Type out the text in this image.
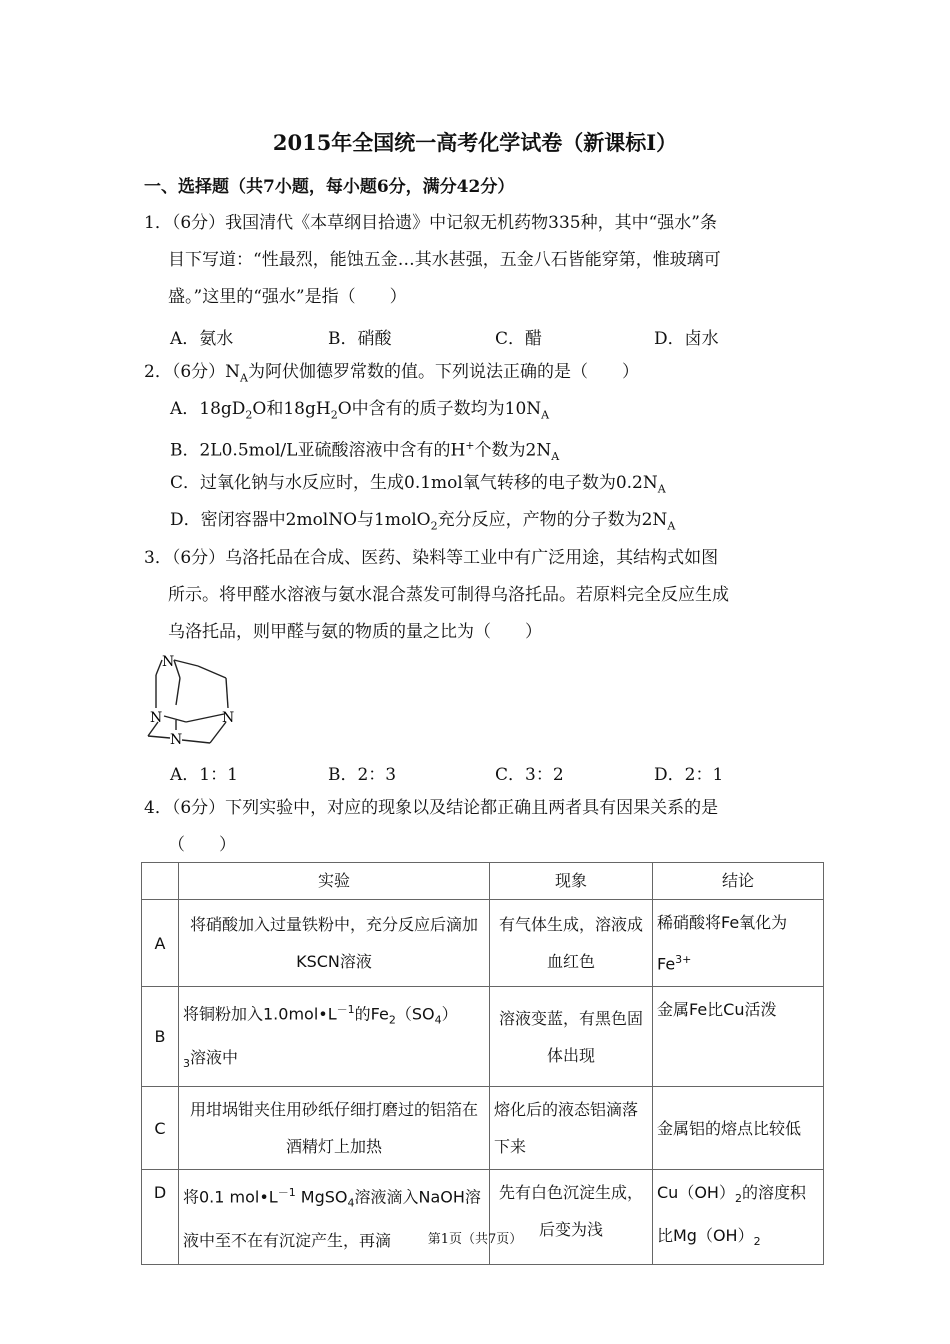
2015年全国统一高考化学试卷（新课标I）
一、选择题（共7小题，每小题6分，满分42分）
1．（6分）我国清代《本草纲目拾遗》中记叙无机药物335种，其中“强水”条
目下写道：“性最烈，能蚀五金…其水甚强，五金八石皆能穿第，惟玻璃可
盛。”这里的“强水”是指（　　）
A．氨水	B．硝酸	C．醋	D．卤水
2．（6分）$N_A$为阿伏伽德罗常数的值。下列说法正确的是（　　）
A．$18gD_2O$和$18gH_2O$中含有的质子数均为$10N_A$
B．2L0.5mol/L亚硫酸溶液中含有的H+个数为$2N_A$
C．过氧化钠与水反应时，生成0.1mol氧气转移的电子数为$0.2N_A$
D．密闭容器中2molNO与1molO$_2$充分反应，产物的分子数为$2N_A$
3．（6分）乌洛托品在合成、医药、染料等工业中有广泛用途，其结构式如图
所示。将甲醛水溶液与氨水混合蒸发可制得乌洛托品。若原料完全反应生成
乌洛托品，则甲醛与氨的物质的量之比为（　　）
N
N	N
N
A．1：1	B．2：3	C．3：2	D．2：1
4．（6分）下列实验中，对应的现象以及结论都正确且两者具有因果关系的是
（　　）
	实验	现象	结论
A	将硝酸加入过量铁粉中，充分反应后滴加KSCN溶液	有气体生成，溶液成血红色	稀硝酸将Fe氧化为$Fe^{3+}$
B	将铜粉加入$1.0mol•L^{-1}$的$Fe_2(SO_4)$
$_3$溶液中	溶液变蓝，有黑色固体出现	金属Fe比Cu活泼
C	用坩埚钳夹住用砂纸仔细打磨过的铝箔在酒精灯上加热	熔化后的液态铝滴落下来	金属铝的熔点比较低
D	将0.1 $mol•L^{-1}$ MgSO$_4$溶液滴入NaOH溶液中至不在有沉淀产生，再滴	先有白色沉淀生成，后变为浅	$Cu(OH)_2$的溶度积比$Mg(OH)_2$
第1页（共7页）
